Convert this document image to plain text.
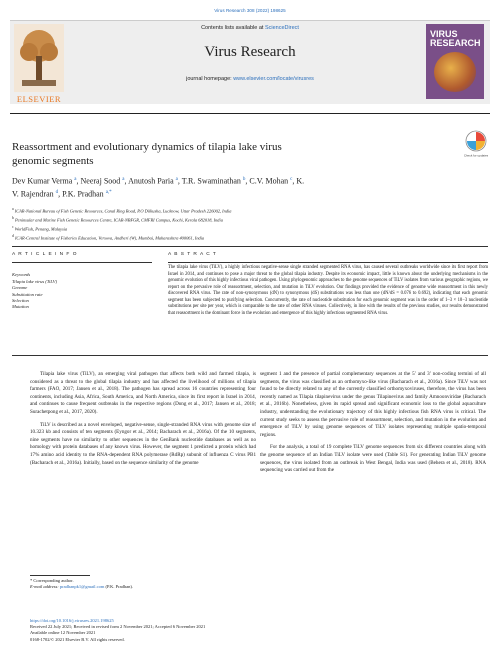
Virus Research 308 (2022) 198625
ELSEVIER
Contents lists available at ScienceDirect
Virus Research
journal homepage: www.elsevier.com/locate/virusres
VIRUS
RESEARCH
Reassortment and evolutionary dynamics of tilapia lake virus
genomic segments	Check for updates
Dev Kumar Verma $^a$, Neeraj Sood $^a$, Anutosh Paria $^a$, T.R. Swaminathan $^b$, C.V. Mohan $^c$, K.
V. Rajendran $^d$, P.K. Pradhan $^{a,*}$
$^a$ ICAR-National Bureau of Fish Genetic Resources, Canal Ring Road, P.O Dilkusha, Lucknow, Uttar Pradesh 226002, India
$^b$ Peninsular and Marine Fish Genetic Resources Centre, ICAR-NBFGR, CMFRI Campus, Kochi, Kerala 682018, India
$^c$ WorldFish, Penang, Malaysia
$^d$ ICAR-Central Institute of Fisheries Education, Versova, Andheri (W), Mumbai, Maharashtra 400061, India
A R T I C L E I N F O	A B S T R A C T
Keywords
Tilapia lake virus (TiLV)
Genome
Substitution rate
Selection
Mutation
The tilapia lake virus (TiLV), a highly infectious negative-sense single stranded segmented RNA virus, has caused several outbreaks worldwide since its first report from Israel in 2014, and continues to pose a major threat to the global tilapia industry. Despite its economic impact, little is known about the underlying mechanisms in the genomic evolution of this highly infectious viral pathogen. Using phylogenomic approaches to the genome sequences of TiLV isolates from various geographic regions, we report on the pervasive role of reassortment, selection, and mutation in TiLV evolution. Our findings provided the evidence of genome wide reassortment in this newly discovered RNA virus. The rate of non-synonymous (dN) to synonymous (dS) substitutions was less than one (dN/dS = 0.076 to 0.692), indicating that each genomic segment has been subjected to purifying selection. Concurrently, the rate of nucleotide substitution for each genomic segment was in the order of 1–3 × 10−3 nucleotide substitutions per site per year, which is comparable to the rate of other RNA viruses. Collectively, in line with the results of the previous studies, our results demonstrated that reassortment is the dominant force in the evolution and emergence of this highly infectious segmented RNA virus.

Tilapia lake virus (TiLV), an emerging viral pathogen that affects both wild and farmed tilapia, is considered as a threat to the global tilapia industry and has affected the livelihood of millions of tilapia farmers (FAO, 2017; Jansen et al., 2018). The pathogen has spread across 16 countries representing four continents, including Asia, Africa, South America, and North America, since its first report in Israel in 2014, and continues to cause frequent outbreaks in the respective regions (Dong et al., 2017; Jansen et al., 2018; Surachetpong et al., 2017, 2020).

TiLV is described as a novel enveloped, negative-sense, single-stranded RNA virus with genome size of 10.323 kb and consists of ten segments (Eyngor et al., 2014; Bacharach et al., 2016a). Of the 10 segments, nine segments have no similarity to other sequences in the GenBank nucleotide databases as well as no homology with protein databases of any known virus. However, the segment 1 predicted a protein which had 17% amino acid identity to the RNA-dependent RNA polymerase (RdRp) subunit of influenza C virus PB1 (Bacharach et al., 2016a). Initially, based on the sequence similarity of the genome

segment 1 and the presence of partial complementary sequences at the 5′ and 3′ non-coding termini of all segments, the virus was classified as an orthomyxo-like virus (Bacharach et al., 2016a). Since TiLV was not found to be directly related to any of the currently classified orthomyxoviruses, therefore, the virus has been recently named as Tilapia tilapinevirus under the genus Tilapinevirus and family Amnoonviridae (Bacharach et al., 2016b). Nonetheless, given its rapid spread and significant economic loss to the global aquaculture industry, understanding the evolutionary trajectory of this highly infectious fish RNA virus is critical. The current study seeks to assess the pervasive role of reassortment, selection, and mutation in the evolution and emergence of TiLV by using genome sequences of TiLV isolates representing multiple spatio-temporal regions.

For the analysis, a total of 19 complete TiLV genome sequences from six different countries along with the genome sequence of an Indian TiLV isolate were used (Table S1). For generating Indian TiLV genome sequences, the virus isolated from an outbreak in West Bengal, India was used (Behera et al., 2018). RNA sequencing was carried out from the

* Corresponding author.
E-mail address: pradhanpk1@gmail.com (P.K. Pradhan).
https://doi.org/10.1016/j.virusres.2021.198625
Received 22 July 2021; Received in revised form 2 November 2021; Accepted 6 November 2021
Available online 12 November 2021
0168-1702/© 2021 Elsevier B.V. All rights reserved.
